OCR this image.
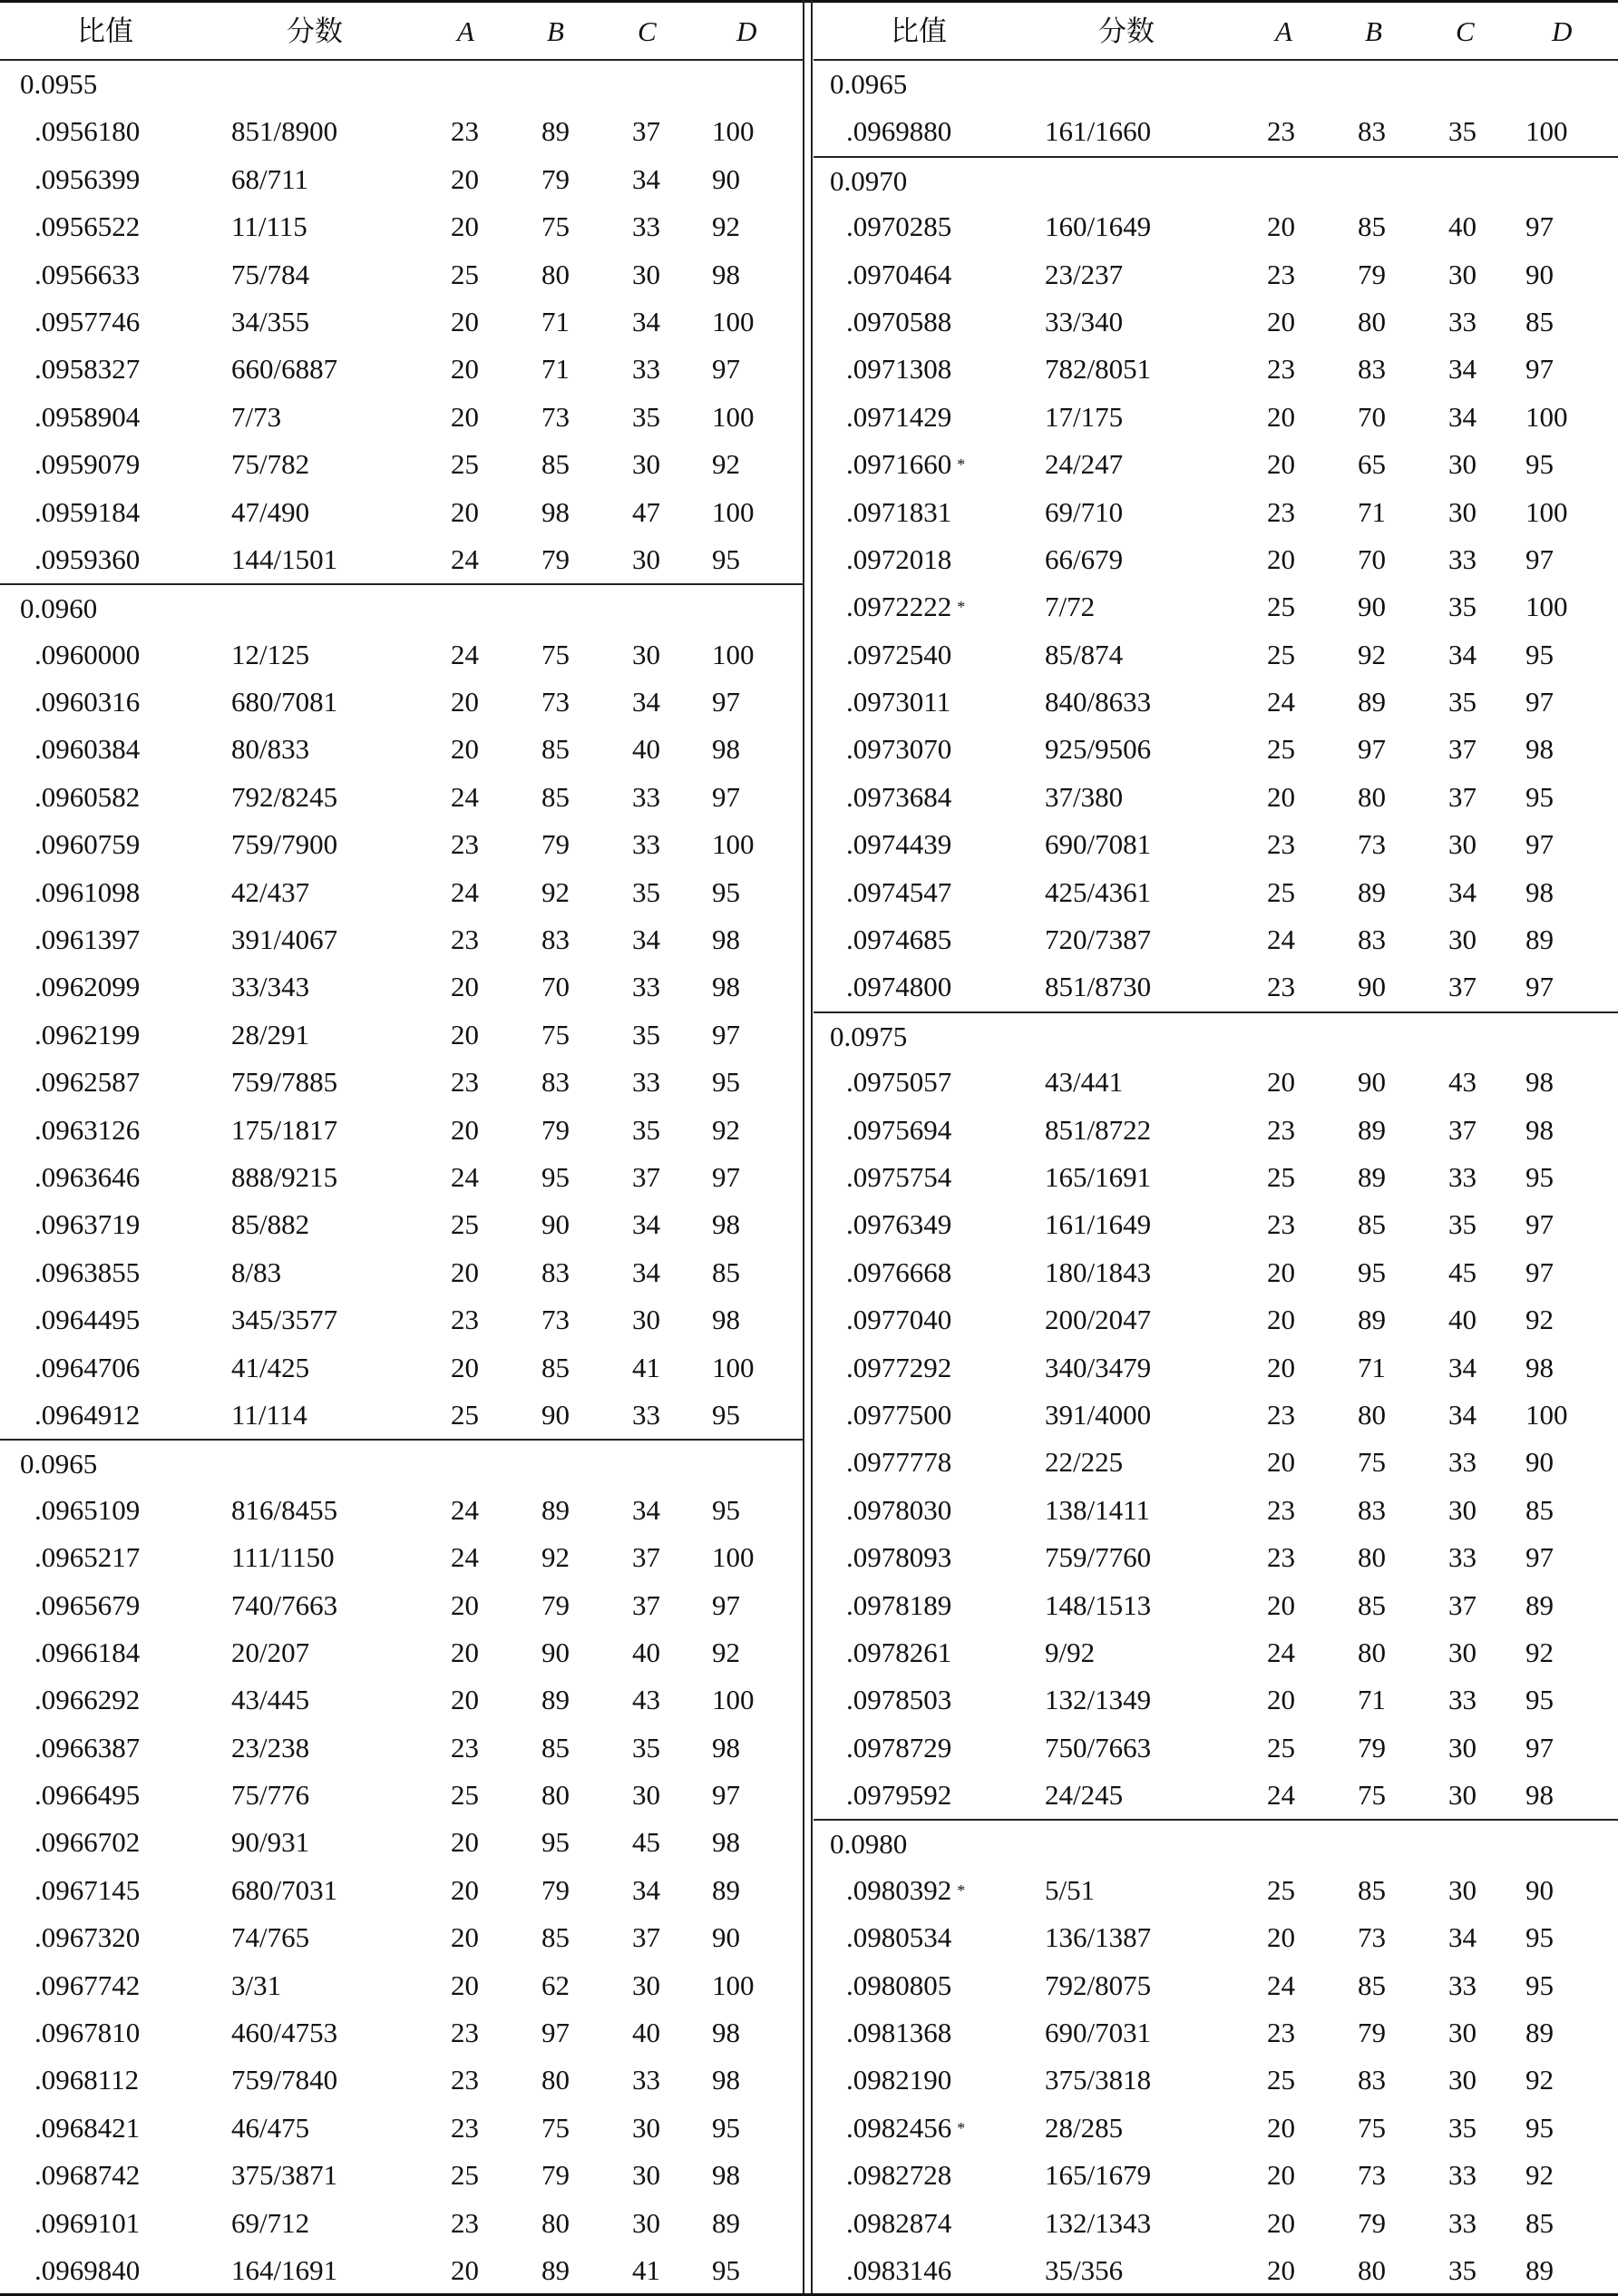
比值	分数	A	B	C	D
0.0955
.0956180	851/8900	23 89 37 100
.0956399	68/711	20 79 34 90
.0956522	11/115	20 75 33 92
.0956633	75/784	25 80 30 98
.0957746	34/355	20 71 34 100
.0958327	660/6887	20 71 33 97
.0958904	7/73	20 73 35 100
.0959079	75/782	25 85 30 92
.0959184	47/490	20 98 47 100
.0959360	144/1501	24 79 30 95
0.0960
.0960000	12/125	24 75 30 100
.0960316	680/7081	20 73 34 97
.0960384	80/833	20 85 40 98
.0960582	792/8245	24 85 33 97
.0960759	759/7900	23 79 33 100
.0961098	42/437	24 92 35 95
.0961397	391/4067	23 83 34 98
.0962099	33/343	20 70 33 98
.0962199	28/291	20 75 35 97
.0962587	759/7885	23 83 33 95
.0963126	175/1817	20 79 35 92
.0963646	888/9215	24 95 37 97
.0963719	85/882	25 90 34 98
.0963855	8/83	20 83 34 85
.0964495	345/3577	23 73 30 98
.0964706	41/425	20 85 41 100
.0964912	11/114	25 90 33 95
0.0965
.0965109	816/8455	24 89 34 95
.0965217	111/1150	24 92 37 100
.0965679	740/7663	20 79 37 97
.0966184	20/207	20 90 40 92
.0966292	43/445	20 89 43 100
.0966387	23/238	23 85 35 98
.0966495	75/776	25 80 30 97
.0966702	90/931	20 95 45 98
.0967145	680/7031	20 79 34 89
.0967320	74/765	20 85 37 90
.0967742	3/31	20 62 30 100
.0967810	460/4753	23 97 40 98
.0968112	759/7840	23 80 33 98
.0968421	46/475	23 75 30 95
.0968742	375/3871	25 79 30 98
.0969101	69/712	23 80 30 89
.0969840	164/1691	20 89 41 95
比值	分数	A	B	C	D
0.0965
.0969880	161/1660	23 83 35 100
0.0970
.0970285	160/1649	20 85 40 97
.0970464	23/237	23 79 30 90
.0970588	33/340	20 80 33 85
.0971308	782/8051	23 83 34 97
.0971429	17/175	20 70 34 100
.0971660 *	24/247	20 65 30 95
.0971831	69/710	23 71 30 100
.0972018	66/679	20 70 33 97
.0972222 *	7/72	25 90 35 100
.0972540	85/874	25 92 34 95
.0973011	840/8633	24 89 35 97
.0973070	925/9506	25 97 37 98
.0973684	37/380	20 80 37 95
.0974439	690/7081	23 73 30 97
.0974547	425/4361	25 89 34 98
.0974685	720/7387	24 83 30 89
.0974800	851/8730	23 90 37 97
0.0975
.0975057	43/441	20 90 43 98
.0975694	851/8722	23 89 37 98
.0975754	165/1691	25 89 33 95
.0976349	161/1649	23 85 35 97
.0976668	180/1843	20 95 45 97
.0977040	200/2047	20 89 40 92
.0977292	340/3479	20 71 34 98
.0977500	391/4000	23 80 34 100
.0977778	22/225	20 75 33 90
.0978030	138/1411	23 83 30 85
.0978093	759/7760	23 80 33 97
.0978189	148/1513	20 85 37 89
.0978261	9/92	24 80 30 92
.0978503	132/1349	20 71 33 95
.0978729	750/7663	25 79 30 97
.0979592	24/245	24 75 30 98
0.0980
.0980392 *	5/51	25 85 30 90
.0980534	136/1387	20 73 34 95
.0980805	792/8075	24 85 33 95
.0981368	690/7031	23 79 30 89
.0982190	375/3818	25 83 30 92
.0982456 *	28/285	20 75 35 95
.0982728	165/1679	20 73 33 92
.0982874	132/1343	20 79 33 85
.0983146	35/356	20 80 35 89
